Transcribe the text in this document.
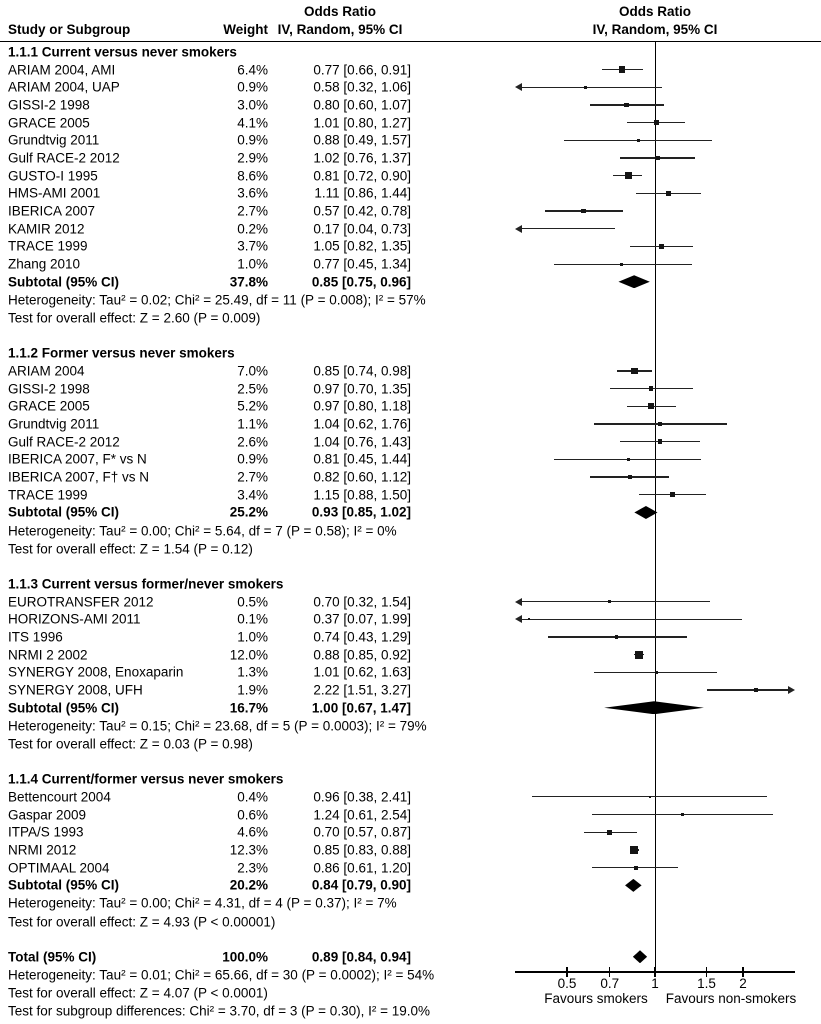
Odds Ratio
Study or Subgroup	Weight IV, Random, 95% CI
Odds Ratio
IV, Random, 95% CI
1.1.1 Current versus never smokers
ARIAM 2004, AMI	6.4%	0.77 [0.66, 0.91]
ARIAM 2004, UAP	0.9%	0.58 [0.32, 1.06]
GISSI-2 1998	3.0%	0.80 [0.60, 1.07]
GRACE 2005	4.1%	1.01 [0.80, 1.27]
Grundtvig 2011	0.9%	0.88 [0.49, 1.57]
Gulf RACE-2 2012	2.9%	1.02 [0.76, 1.37]
GUSTO-I 1995	8.6%	0.81 [0.72, 0.90]
HMS-AMI 2001	3.6%	1.11 [0.86, 1.44]
IBERICA 2007	2.7%	0.57 [0.42, 0.78]
KAMIR 2012	0.2%	0.17 [0.04, 0.73]
TRACE 1999	3.7%	1.05 [0.82, 1.35]
Zhang 2010	1.0%	0.77 [0.45, 1.34]
Subtotal (95% CI)	37.8%	0.85 [0.75, 0.96]
Heterogeneity: Tau² = 0.02; Chi² = 25.49, df = 11 (P = 0.008); I² = 57%
Test for overall effect: Z = 2.60 (P = 0.009)
1.1.2 Former versus never smokers
ARIAM 2004	7.0%	0.85 [0.74, 0.98]
GISSI-2 1998	2.5%	0.97 [0.70, 1.35]
GRACE 2005	5.2%	0.97 [0.80, 1.18]
Grundtvig 2011	1.1%	1.04 [0.62, 1.76]
Gulf RACE-2 2012	2.6%	1.04 [0.76, 1.43]
IBERICA 2007, F* vs N	0.9%	0.81 [0.45, 1.44]
IBERICA 2007, F† vs N	2.7%	0.82 [0.60, 1.12]
TRACE 1999	3.4%	1.15 [0.88, 1.50]
Subtotal (95% CI)	25.2%	0.93 [0.85, 1.02]
Heterogeneity: Tau² = 0.00; Chi² = 5.64, df = 7 (P = 0.58); I² = 0%
Test for overall effect: Z = 1.54 (P = 0.12)
1.1.3 Current versus former/never smokers
EUROTRANSFER 2012	0.5%	0.70 [0.32, 1.54]
HORIZONS-AMI 2011	0.1%	0.37 [0.07, 1.99]
ITS 1996	1.0%	0.74 [0.43, 1.29]
NRMI 2 2002	12.0%	0.88 [0.85, 0.92]
SYNERGY 2008, Enoxaparin	1.3%	1.01 [0.62, 1.63]
SYNERGY 2008, UFH	1.9%	2.22 [1.51, 3.27]
Subtotal (95% CI)	16.7%	1.00 [0.67, 1.47]
Heterogeneity: Tau² = 0.15; Chi² = 23.68, df = 5 (P = 0.0003); I² = 79%
Test for overall effect: Z = 0.03 (P = 0.98)
1.1.4 Current/former versus never smokers
Bettencourt 2004	0.4%	0.96 [0.38, 2.41]
Gaspar 2009	0.6%	1.24 [0.61, 2.54]
ITPA/S 1993	4.6%	0.70 [0.57, 0.87]
NRMI 2012	12.3%	0.85 [0.83, 0.88]
OPTIMAAL 2004	2.3%	0.86 [0.61, 1.20]
Subtotal (95% CI)	20.2%	0.84 [0.79, 0.90]
Heterogeneity: Tau² = 0.00; Chi² = 4.31, df = 4 (P = 0.37); I² = 7%
Test for overall effect: Z = 4.93 (P < 0.00001)
Total (95% CI)	100.0%	0.89 [0.84, 0.94]
Heterogeneity: Tau² = 0.01; Chi² = 65.66, df = 30 (P = 0.0002); I² = 54%
Test for overall effect: Z = 4.07 (P < 0.0001)
Test for subgroup differences: Chi² = 3.70, df = 3 (P = 0.30), I² = 19.0%
0.5	0.7	1	1.5	2
Favours smokers	Favours non-smokers
